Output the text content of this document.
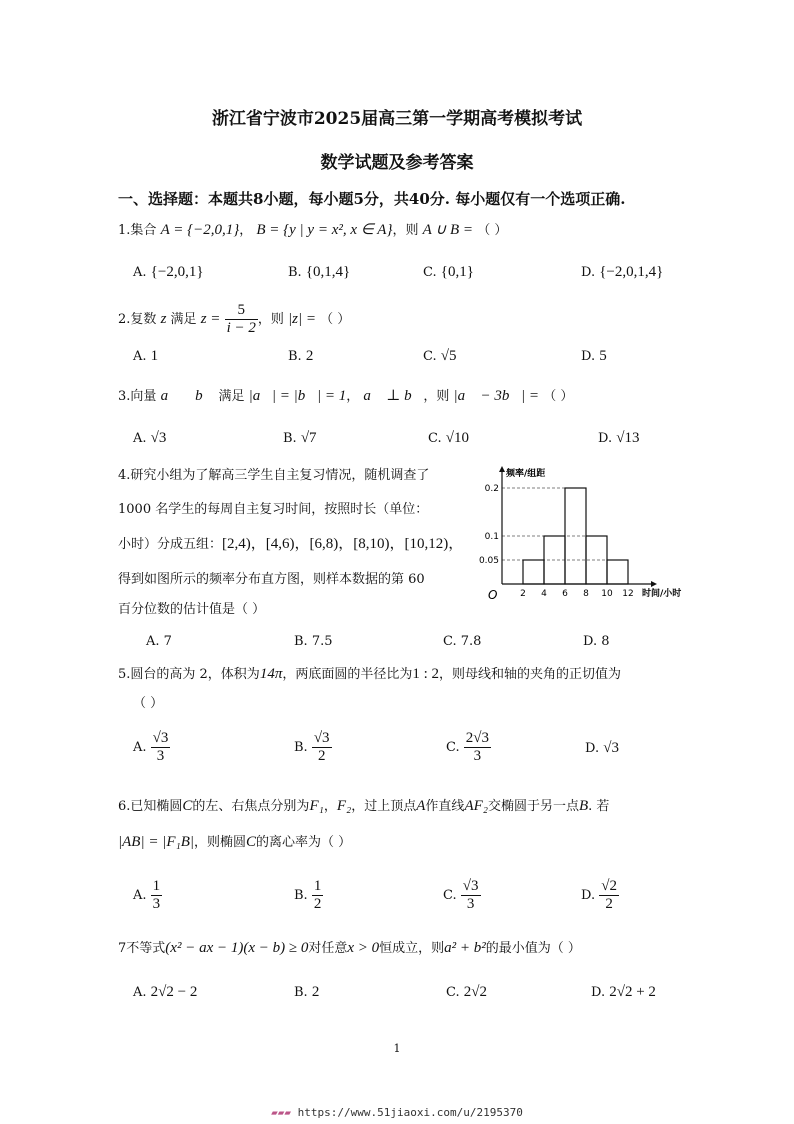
浙江省宁波市2025届高三第一学期高考模拟考试
数学试题及参考答案
一、选择题：本题共8小题，每小题5分，共40分. 每小题仅有一个选项正确.
1.集合 A = {−2,0,1}， B = {y | y = x², x ∈ A}，则 A ∪ B = （ ）
A. {−2,0,1}	B. {0,1,4}	C. {0,1}	D. {−2,0,1,4}
2.复数 z 满足 $z = \frac{5}{i - 2}$ ，则 |z| = （ ）
A. 1	B. 2	C. √5	D. 5
3.向量 a⃗ ，b⃗ 满足 |a⃗| = |b⃗| = 1， a⃗ ⊥ b⃗，则 |a⃗ − 3b⃗| = （ ）
A. √3	B. √7	C. √10	D. √13
4.研究小组为了解高三学生自主复习情况，随机调查了
1000 名学生的每周自主复习时间，按照时长（单位：
小时）分成五组：[2,4)，[4,6)，[6,8)，[8,10)，[10,12)，
得到如图所示的频率分布直方图，则样本数据的第 60
百分位数的估计值是（ ）
2 4 6 8 10 12
0.05
0.1
0.2
频率/组距
时间/小时
O
A. 7	B. 7.5	C. 7.8	D. 8
5.圆台的高为 2，体积为14π，两底面圆的半径比为1 : 2，则母线和轴的夹角的正切值为
（ ）
A. $\frac{√3}{3}$	B. $\frac{√3}{2}$	C. $\frac{2√3}{3}$	D. √3
6.已知椭圆C的左、右焦点分别为F₁，F₂，过上顶点A作直线AF₂交椭圆于另一点B. 若
|AB| = |F₁B|，则椭圆C的离心率为（ ）
A. $\frac{1}{3}$	B. $\frac{1}{2}$	C. $\frac{√3}{3}$	D. $\frac{√2}{2}$
7不等式(x² − ax − 1)(x − b) ≥ 0对任意x > 0恒成立，则a² + b²的最小值为（ ）
A. 2√2 − 2	B. 2	C. 2√2	D. 2√2 + 2
1
▰▰▰ https://www.51jiaoxi.com/u/2195370
